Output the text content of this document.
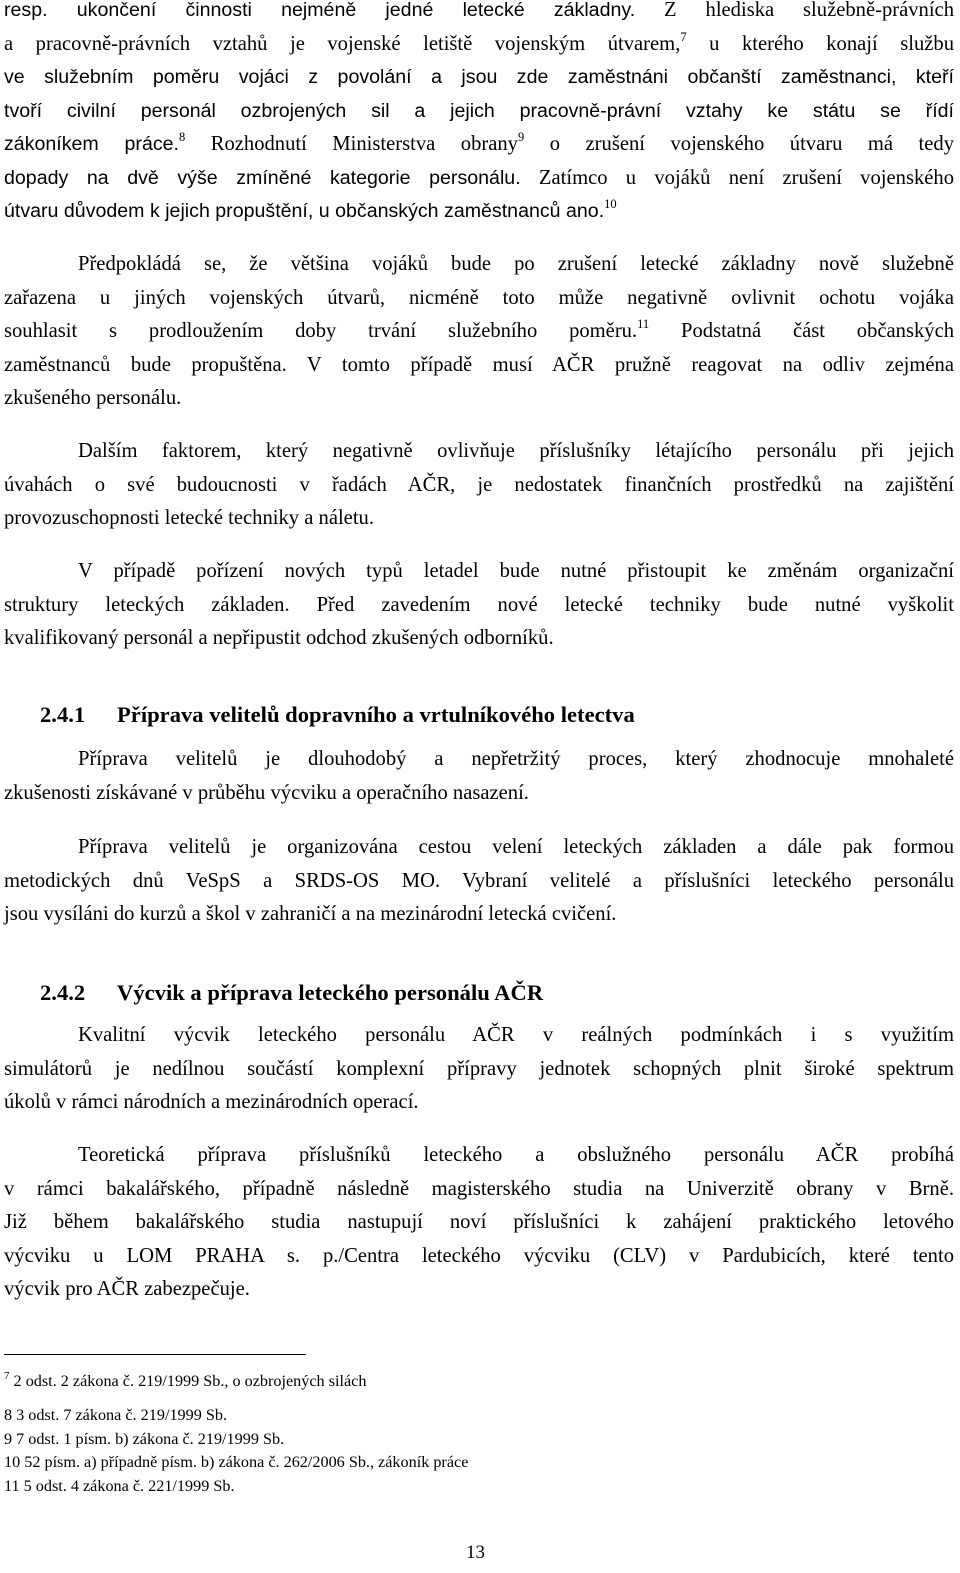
resp. ukončení činnosti nejméně jedné letecké základny. Z hlediska služebně-právních
a pracovně-právních vztahů je vojenské letiště vojenským útvarem,$^7$ u kterého konají službu
ve služebním poměru vojáci z povolání a jsou zde zaměstnáni občanští zaměstnanci, kteří
tvoří civilní personál ozbrojených sil a jejich pracovně-právní vztahy ke státu se řídí
zákoníkem práce.$^8$ Rozhodnutí Ministerstva obrany$^9$ o zrušení vojenského útvaru má tedy
dopady na dvě výše zmíněné kategorie personálu. Zatímco u vojáků není zrušení vojenského
útvaru důvodem k jejich propuštění, u občanských zaměstnanců ano.$^{10}$
Předpokládá se, že většina vojáků bude po zrušení letecké základny nově služebně
zařazena u jiných vojenských útvarů, nicméně toto může negativně ovlivnit ochotu vojáka
souhlasit s prodloužením doby trvání služebního poměru.$^{11}$ Podstatná část občanských
zaměstnanců bude propuštěna. V tomto případě musí AČR pružně reagovat na odliv zejména
zkušeného personálu.
Dalším faktorem, který negativně ovlivňuje příslušníky létajícího personálu při jejich
úvahách o své budoucnosti v řadách AČR, je nedostatek finančních prostředků na zajištění
provozuschopnosti letecké techniky a náletu.
V případě pořízení nových typů letadel bude nutné přistoupit ke změnám organizační
struktury leteckých základen. Před zavedením nové letecké techniky bude nutné vyškolit
kvalifikovaný personál a nepřipustit odchod zkušených odborníků.
2.4.1 Příprava velitelů dopravního a vrtulníkového letectva
Příprava velitelů je dlouhodobý a nepřetržitý proces, který zhodnocuje mnohaleté
zkušenosti získávané v průběhu výcviku a operačního nasazení.
Příprava velitelů je organizována cestou velení leteckých základen a dále pak formou
metodických dnů VeSpS a SRDS-OS MO. Vybraní velitelé a příslušníci leteckého personálu
jsou vysíláni do kurzů a škol v zahraničí a na mezinárodní letecká cvičení.
2.4.2 Výcvik a příprava leteckého personálu AČR
Kvalitní výcvik leteckého personálu AČR v reálných podmínkách i s využitím
simulátorů je nedílnou součástí komplexní přípravy jednotek schopných plnit široké spektrum
úkolů v rámci národních a mezinárodních operací.
Teoretická příprava příslušníků leteckého a obslužného personálu AČR probíhá
v rámci bakalářského, případně následně magisterského studia na Univerzitě obrany v Brně.
Již během bakalářského studia nastupují noví příslušníci k zahájení praktického letového
výcviku u LOM PRAHA s. p./Centra leteckého výcviku (CLV) v Pardubicích, které tento
výcvik pro AČR zabezpečuje.

$^7$ 2 odst. 2 zákona č. 219/1999 Sb., o ozbrojených silách

8 3 odst. 7 zákona č. 219/1999 Sb.

9 7 odst. 1 písm. b) zákona č. 219/1999 Sb.

10 52 písm. a) případně písm. b) zákona č. 262/2006 Sb., zákoník práce

11 5 odst. 4 zákona č. 221/1999 Sb.

13
